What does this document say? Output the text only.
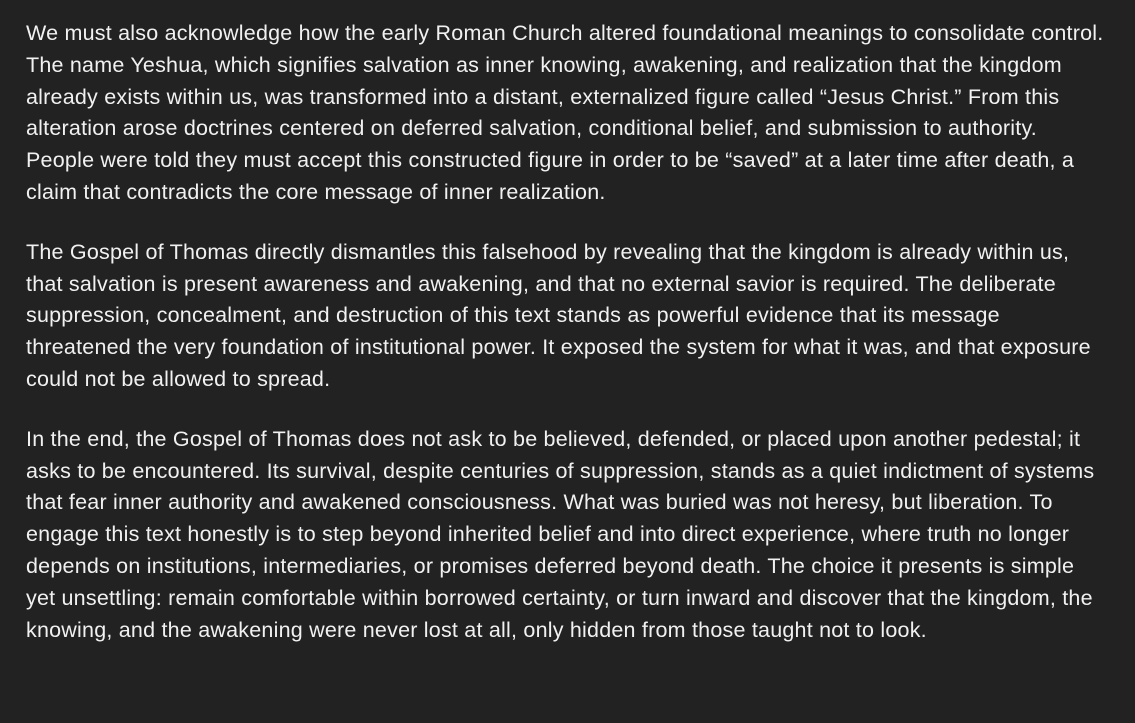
We must also acknowledge how the early Roman Church altered foundational meanings to consolidate control. The name Yeshua, which signifies salvation as inner knowing, awakening, and realization that the kingdom already exists within us, was transformed into a distant, externalized figure called “Jesus Christ.” From this alteration arose doctrines centered on deferred salvation, conditional belief, and submission to authority. People were told they must accept this constructed figure in order to be “saved” at a later time after death, a claim that contradicts the core message of inner realization.

The Gospel of Thomas directly dismantles this falsehood by revealing that the kingdom is already within us, that salvation is present awareness and awakening, and that no external savior is required. The deliberate suppression, concealment, and destruction of this text stands as powerful evidence that its message threatened the very foundation of institutional power. It exposed the system for what it was, and that exposure could not be allowed to spread.

In the end, the Gospel of Thomas does not ask to be believed, defended, or placed upon another pedestal; it asks to be encountered. Its survival, despite centuries of suppression, stands as a quiet indictment of systems that fear inner authority and awakened consciousness. What was buried was not heresy, but liberation. To engage this text honestly is to step beyond inherited belief and into direct experience, where truth no longer depends on institutions, intermediaries, or promises deferred beyond death. The choice it presents is simple yet unsettling: remain comfortable within borrowed certainty, or turn inward and discover that the kingdom, the knowing, and the awakening were never lost at all, only hidden from those taught not to look.
